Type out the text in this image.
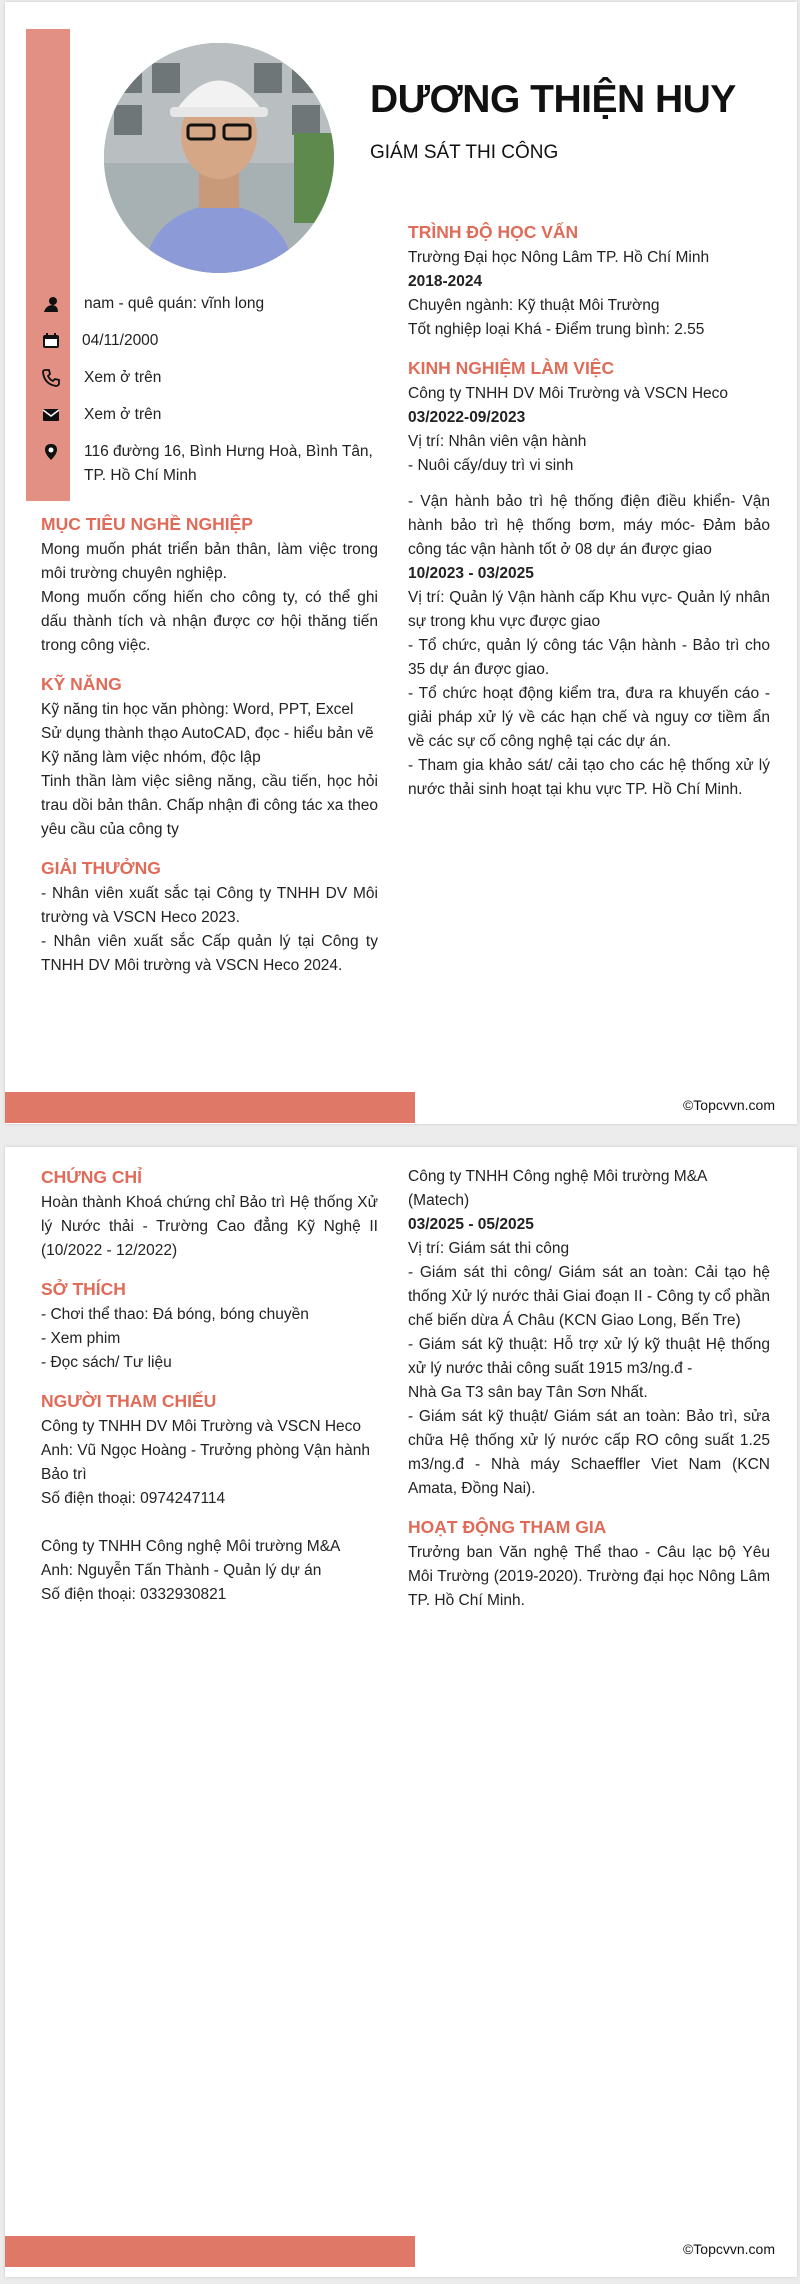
DƯƠNG THIỆN HUY

GIÁM SÁT THI CÔNG

nam - quê quán: vĩnh long
04/11/2000
Xem ở trên
Xem ở trên
116 đường 16, Bình Hưng Hoà, Bình Tân, TP. Hồ Chí Minh
MỤC TIÊU NGHỀ NGHIỆP

Mong muốn phát triển bản thân, làm việc trong môi trường chuyên nghiệp.

Mong muốn cống hiến cho công ty, có thể ghi dấu thành tích và nhận được cơ hội thăng tiến trong công việc.

KỸ NĂNG

Kỹ năng tin học văn phòng: Word, PPT, Excel

Sử dụng thành thạo AutoCAD, đọc - hiểu bản vẽ

Kỹ năng làm việc nhóm, độc lập

Tinh thần làm việc siêng năng, cầu tiến, học hỏi trau dồi bản thân. Chấp nhận đi công tác xa theo yêu cầu của công ty

GIẢI THƯỞNG

- Nhân viên xuất sắc tại Công ty TNHH DV Môi trường và VSCN Heco 2023.

- Nhân viên xuất sắc Cấp quản lý tại Công ty TNHH DV Môi trường và VSCN Heco 2024.

TRÌNH ĐỘ HỌC VẤN

Trường Đại học Nông Lâm TP. Hồ Chí Minh

2018-2024

Chuyên ngành: Kỹ thuật Môi Trường

Tốt nghiệp loại Khá - Điểm trung bình: 2.55

KINH NGHIỆM LÀM VIỆC

Công ty TNHH DV Môi Trường và VSCN Heco

03/2022-09/2023

Vị trí: Nhân viên vận hành

- Nuôi cấy/duy trì vi sinh

- Vận hành bảo trì hệ thống điện điều khiển- Vận hành bảo trì hệ thống bơm, máy móc- Đảm bảo công tác vận hành tốt ở 08 dự án được giao

10/2023 - 03/2025

Vị trí: Quản lý Vận hành cấp Khu vực- Quản lý nhân sự trong khu vực được giao

- Tổ chức, quản lý công tác Vận hành - Bảo trì cho 35 dự án được giao.

- Tổ chức hoạt động kiểm tra, đưa ra khuyến cáo - giải pháp xử lý về các hạn chế và nguy cơ tiềm ẩn về các sự cố công nghệ tại các dự án.

- Tham gia khảo sát/ cải tạo cho các hệ thống xử lý nước thải sinh hoạt tại khu vực TP. Hồ Chí Minh.

©Topcvvn.com
CHỨNG CHỈ

Hoàn thành Khoá chứng chỉ Bảo trì Hệ thống Xử lý Nước thải - Trường Cao đẳng Kỹ Nghệ II (10/2022 - 12/2022)

SỞ THÍCH

- Chơi thể thao: Đá bóng, bóng chuyền

- Xem phim

- Đọc sách/ Tư liệu

NGƯỜI THAM CHIẾU

Công ty TNHH DV Môi Trường và VSCN Heco

Anh: Vũ Ngọc Hoàng - Trưởng phòng Vận hành Bảo trì

Số điện thoại: 0974247114

Công ty TNHH Công nghệ Môi trường M&A

Anh: Nguyễn Tấn Thành - Quản lý dự án

Số điện thoại: 0332930821

Công ty TNHH Công nghệ Môi trường M&A (Matech)

03/2025 - 05/2025

Vị trí: Giám sát thi công

- Giám sát thi công/ Giám sát an toàn: Cải tạo hệ thống Xử lý nước thải Giai đoạn II - Công ty cổ phần chế biến dừa Á Châu (KCN Giao Long, Bến Tre)

- Giám sát kỹ thuật: Hỗ trợ xử lý kỹ thuật Hệ thống xử lý nước thải công suất 1915 m3/ng.đ -

Nhà Ga T3 sân bay Tân Sơn Nhất.

- Giám sát kỹ thuật/ Giám sát an toàn: Bảo trì, sửa chữa Hệ thống xử lý nước cấp RO công suất 1.25 m3/ng.đ - Nhà máy Schaeffler Viet Nam (KCN Amata, Đồng Nai).

HOẠT ĐỘNG THAM GIA

Trưởng ban Văn nghệ Thể thao - Câu lạc bộ Yêu Môi Trường (2019-2020). Trường đại học Nông Lâm TP. Hồ Chí Minh.

©Topcvvn.com
